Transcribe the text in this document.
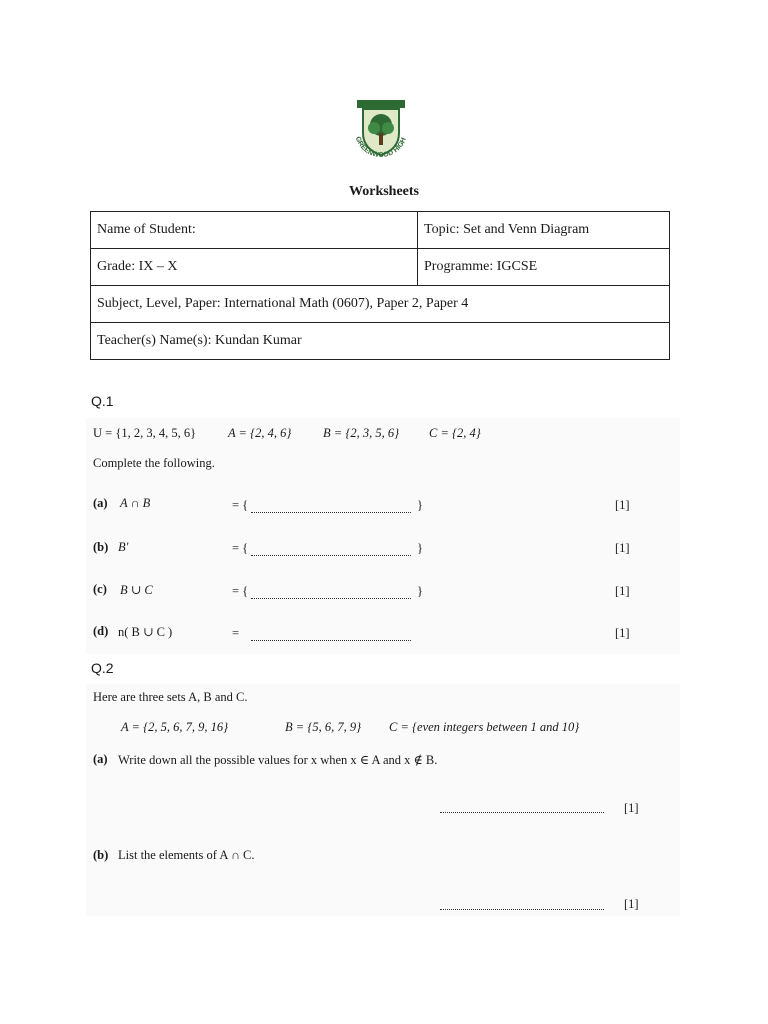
GREENWOOD HIGH
Worksheets
Name of Student:	Topic: Set and Venn Diagram
Grade: IX – X	Programme: IGCSE
Subject, Level, Paper: International Math (0607), Paper 2, Paper 4	
Teacher(s) Name(s): Kundan Kumar	
Q.1
U = {1, 2, 3, 4, 5, 6}	A = {2, 4, 6}	B = {2, 3, 5, 6} C = {2, 4}
Complete the following.
(a) A ∩ B	= {	}	[1]
(b) B′	= {	}	[1]
(c) B ∪ C	= {	}	[1]
(d) n( B ∪ C )	=	[1]
Q.2
Here are three sets A, B and C.
A = {2, 5, 6, 7, 9, 16}	B = {5, 6, 7, 9} C = {even integers between 1 and 10}
(a) Write down all the possible values for x when x ∈ A and x ∉ B.
[1]
(b) List the elements of A ∩ C.
[1]
